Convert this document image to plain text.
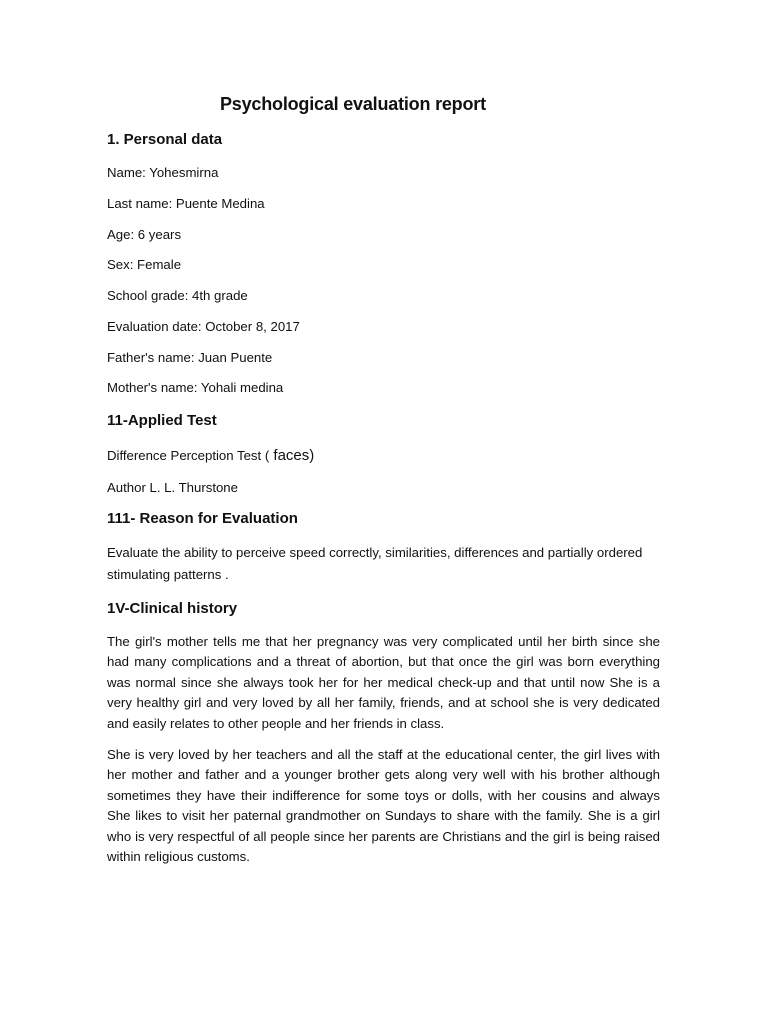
Psychological evaluation report
1. Personal data
Name: Yohesmirna
Last name: Puente Medina
Age: 6 years
Sex: Female
School grade: 4th grade
Evaluation date: October 8, 2017
Father's name: Juan Puente
Mother's name: Yohali medina
11-Applied Test
Difference Perception Test ( faces)
Author L. L. Thurstone
111- Reason for Evaluation
Evaluate the ability to perceive speed correctly, similarities, differences and partially ordered stimulating patterns .
1V-Clinical history
The girl's mother tells me that her pregnancy was very complicated until her birth since she had many complications and a threat of abortion, but that once the girl was born everything was normal since she always took her for her medical check-up and that until now She is a very healthy girl and very loved by all her family, friends, and at school she is very dedicated and easily relates to other people and her friends in class.
She is very loved by her teachers and all the staff at the educational center, the girl lives with her mother and father and a younger brother gets along very well with his brother although sometimes they have their indifference for some toys or dolls, with her cousins and always She likes to visit her paternal grandmother on Sundays to share with the family. She is a girl who is very respectful of all people since her parents are Christians and the girl is being raised within religious customs.
